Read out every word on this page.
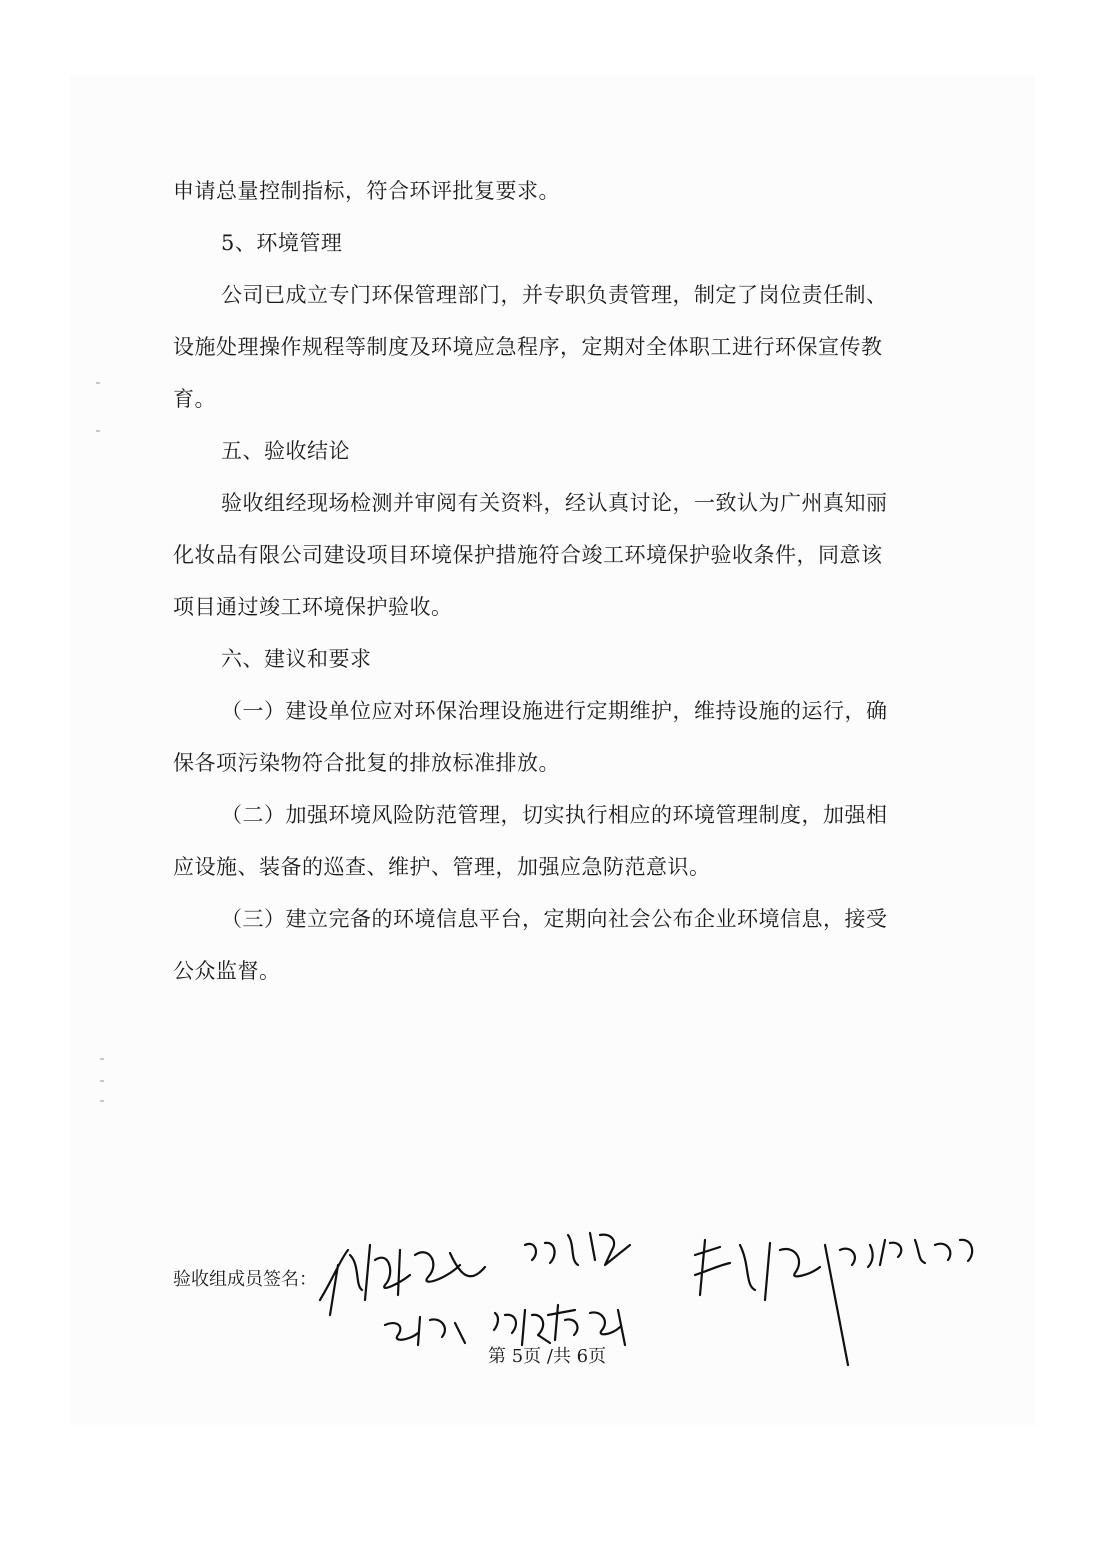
申请总量控制指标，符合环评批复要求。
5、环境管理
公司已成立专门环保管理部门，并专职负责管理，制定了岗位责任制、
设施处理操作规程等制度及环境应急程序，定期对全体职工进行环保宣传教
育。
五、验收结论
验收组经现场检测并审阅有关资料，经认真讨论，一致认为广州真知丽
化妆品有限公司建设项目环境保护措施符合竣工环境保护验收条件，同意该
项目通过竣工环境保护验收。
六、建议和要求
（一）建设单位应对环保治理设施进行定期维护，维持设施的运行，确
保各项污染物符合批复的排放标准排放。
（二）加强环境风险防范管理，切实执行相应的环境管理制度，加强相
应设施、装备的巡查、维护、管理，加强应急防范意识。
（三）建立完备的环境信息平台，定期向社会公布企业环境信息，接受
公众监督。
验收组成员签名：
第 5页 /共 6页
